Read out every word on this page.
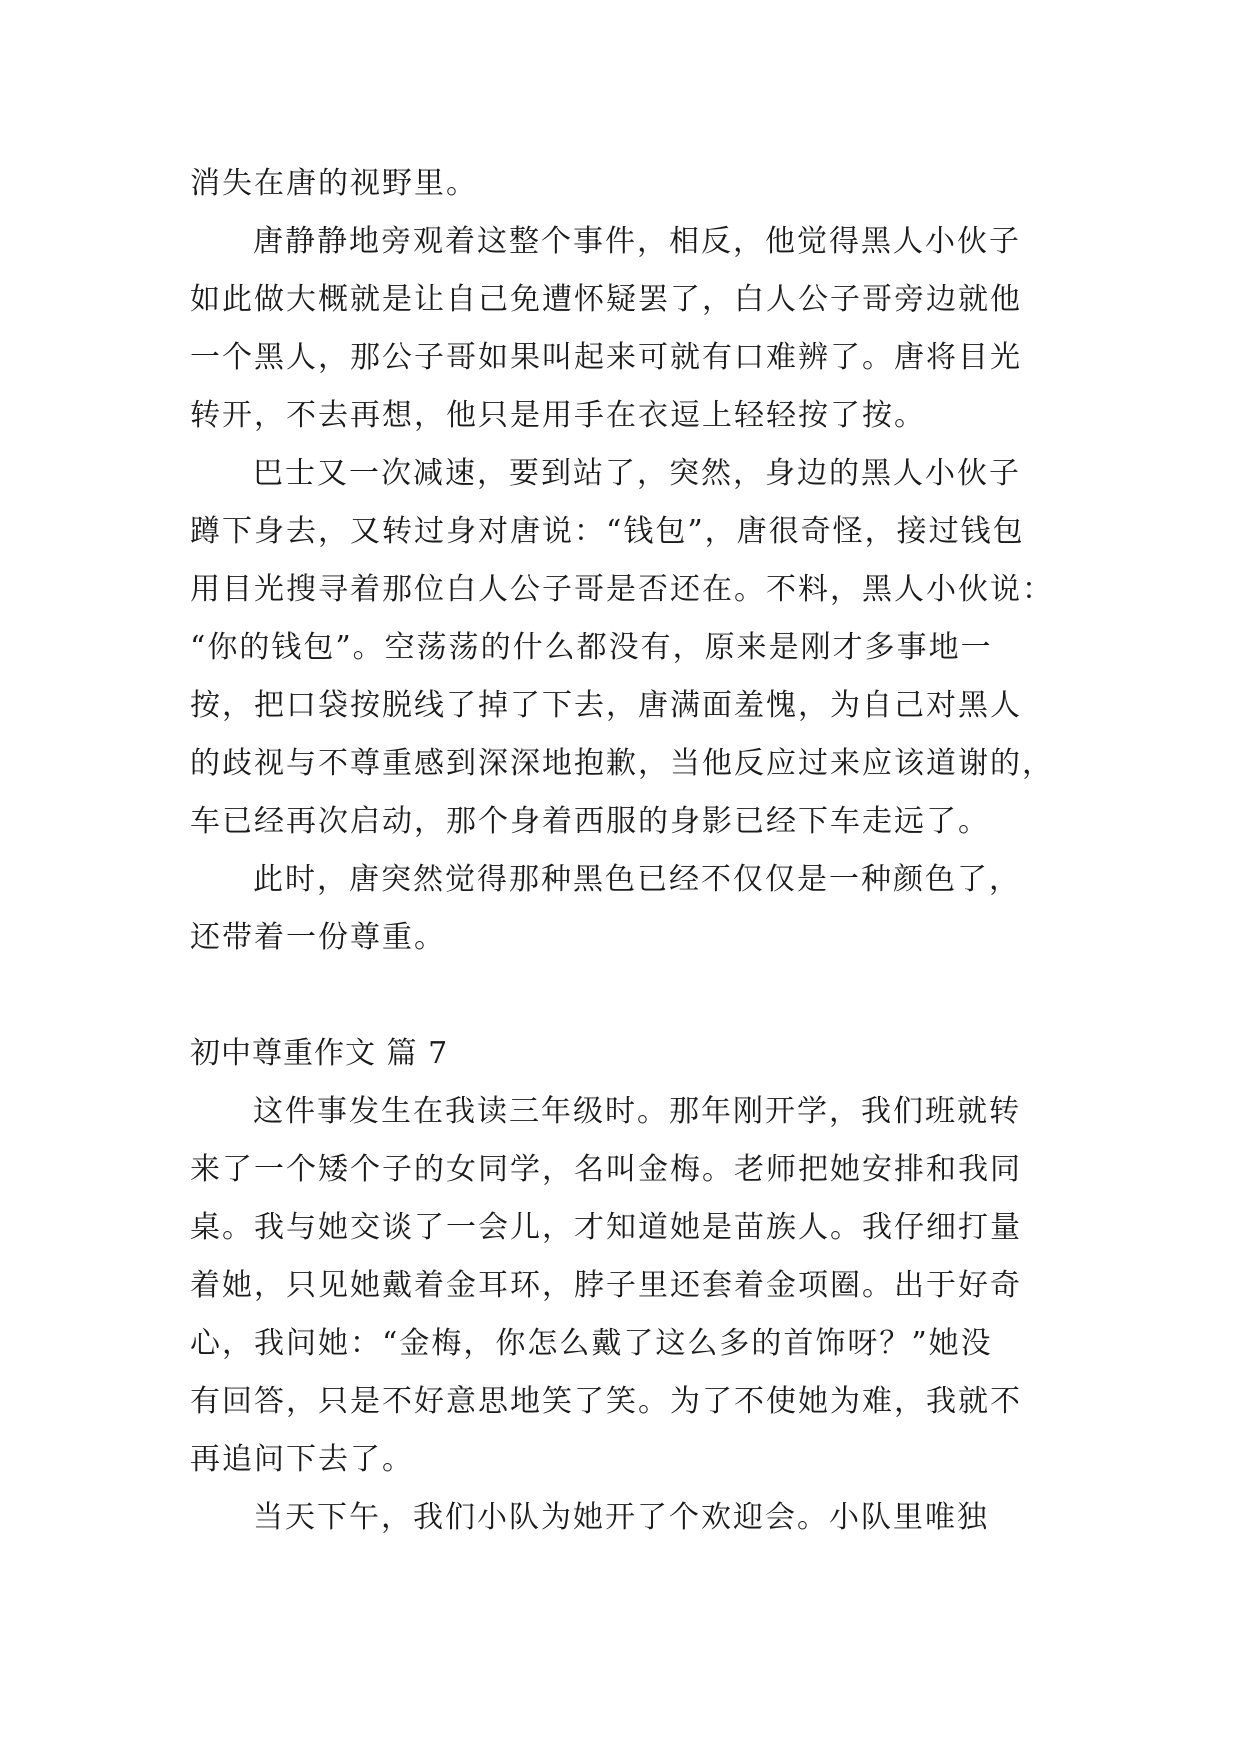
消失在唐的视野里。

唐静静地旁观着这整个事件，相反，他觉得黑人小伙子

如此做大概就是让自己免遭怀疑罢了，白人公子哥旁边就他

一个黑人，那公子哥如果叫起来可就有口难辨了。唐将目光

转开，不去再想，他只是用手在衣逗上轻轻按了按。

巴士又一次减速，要到站了，突然，身边的黑人小伙子

蹲下身去，又转过身对唐说：“钱包”，唐很奇怪，接过钱包

用目光搜寻着那位白人公子哥是否还在。不料，黑人小伙说：

“你的钱包”。空荡荡的什么都没有，原来是刚才多事地一

按，把口袋按脱线了掉了下去，唐满面羞愧，为自己对黑人

的歧视与不尊重感到深深地抱歉，当他反应过来应该道谢的，

车已经再次启动，那个身着西服的身影已经下车走远了。

此时，唐突然觉得那种黑色已经不仅仅是一种颜色了，

还带着一份尊重。

初中尊重作文 篇 7

这件事发生在我读三年级时。那年刚开学，我们班就转

来了一个矮个子的女同学，名叫金梅。老师把她安排和我同

桌。我与她交谈了一会儿，才知道她是苗族人。我仔细打量

着她，只见她戴着金耳环，脖子里还套着金项圈。出于好奇

心，我问她：“金梅，你怎么戴了这么多的首饰呀？”她没

有回答，只是不好意思地笑了笑。为了不使她为难，我就不

再追问下去了。

当天下午，我们小队为她开了个欢迎会。小队里唯独
